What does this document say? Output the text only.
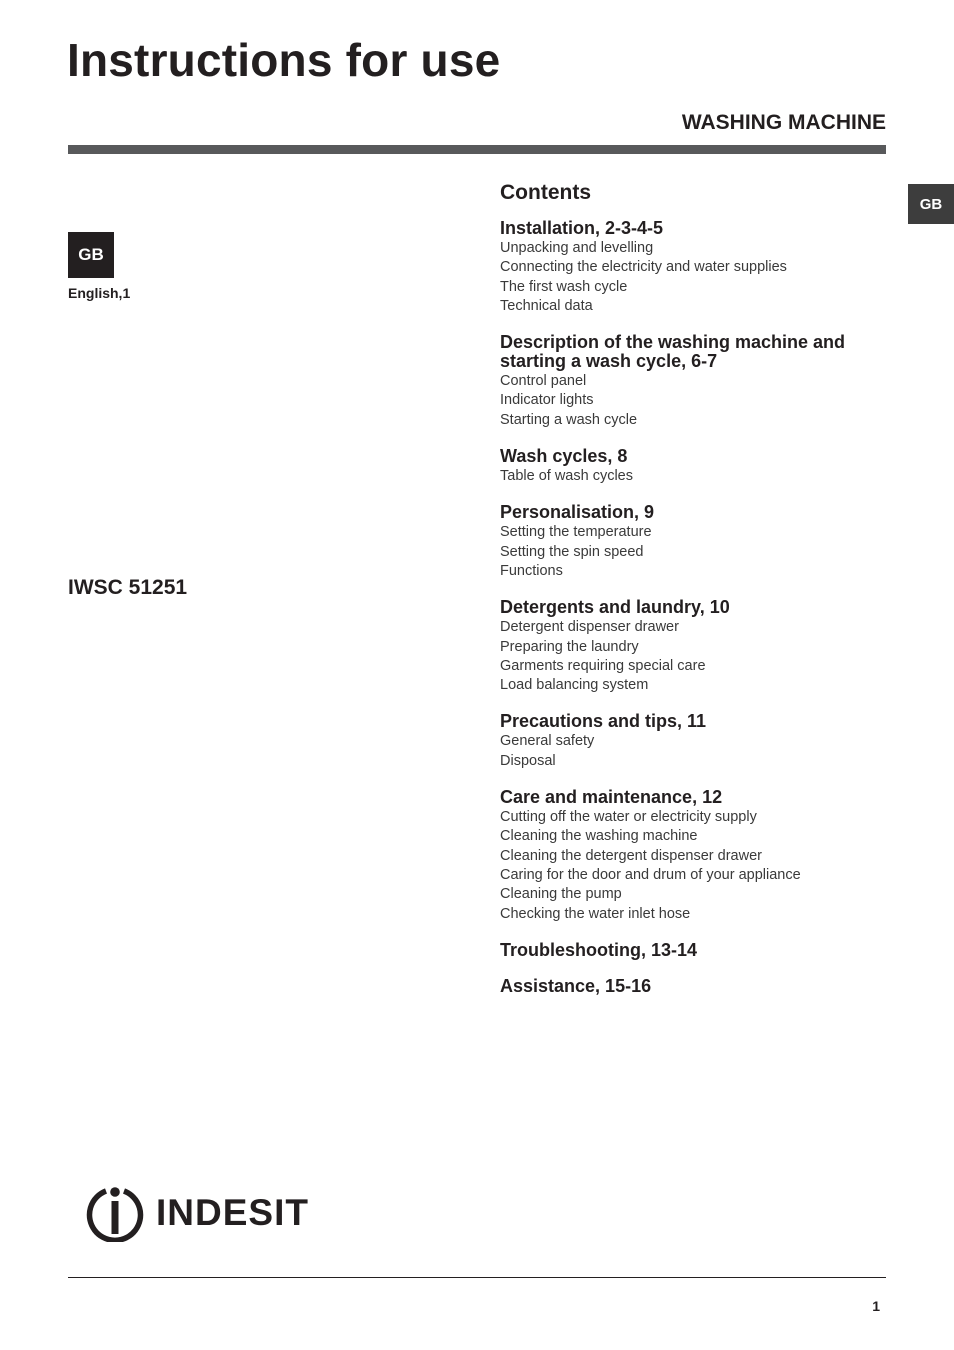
Instructions for use
WASHING MACHINE
GB
GB
English,1
IWSC 51251
Contents
Installation, 2-3-4-5
Unpacking and levelling
Connecting the electricity and water supplies
The first wash cycle
Technical data
Description of the washing machine and starting a wash cycle, 6-7
Control panel
Indicator lights
Starting a wash cycle
Wash cycles, 8
Table of wash cycles
Personalisation, 9
Setting the temperature
Setting the spin speed
Functions
Detergents and laundry, 10
Detergent dispenser drawer
Preparing the laundry
Garments requiring special care
Load balancing system
Precautions and tips, 11
General safety
Disposal
Care and maintenance, 12
Cutting off the water or electricity supply
Cleaning the washing machine
Cleaning the detergent dispenser drawer
Caring for the door and drum of your appliance
Cleaning the pump
Checking the water inlet hose
Troubleshooting, 13-14
Assistance, 15-16
INDESIT
1
